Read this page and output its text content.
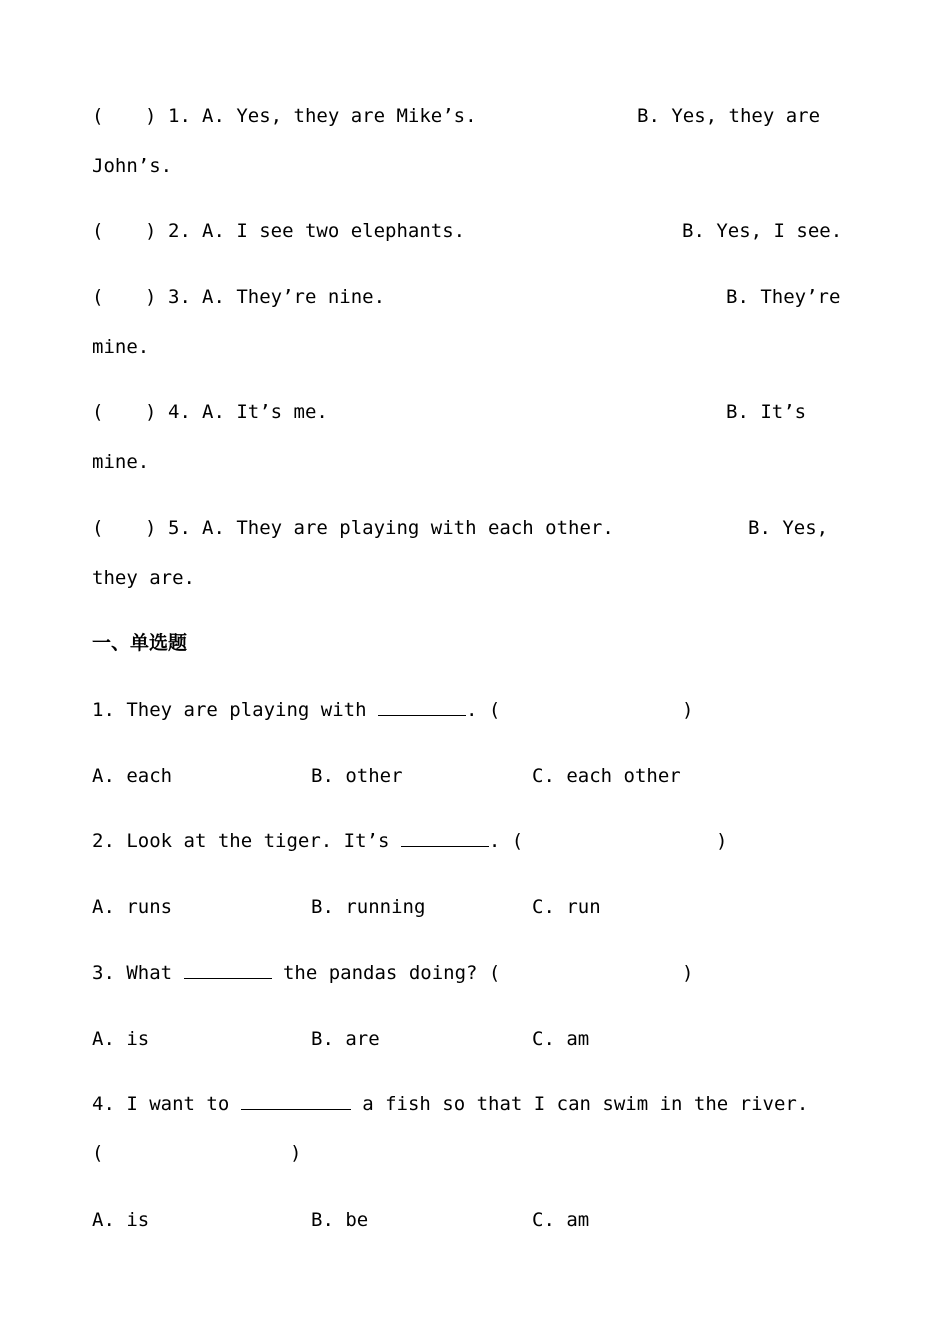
( ) 1. A. Yes, they are Mike’s.	B. Yes, they are
John’s.
( ) 2. A. I see two elephants.	B. Yes, I see.
( ) 3. A. They’re nine.	B. They’re
mine.
( ) 4. A. It’s me.	B. It’s
mine.
( ) 5. A. They are playing with each other.	B. Yes,
they are.
一、单选题
1. They are playing with	. (	)
A. each	B. other	C. each other
2. Look at the tiger. It’s	. (	)
A. runs	B. running	C. run
3. What	the pandas doing? (	)
A. is	B. are	C. am
4. I want to	a fish so that I can swim in the river.
(	)
A. is	B. be	C. am
